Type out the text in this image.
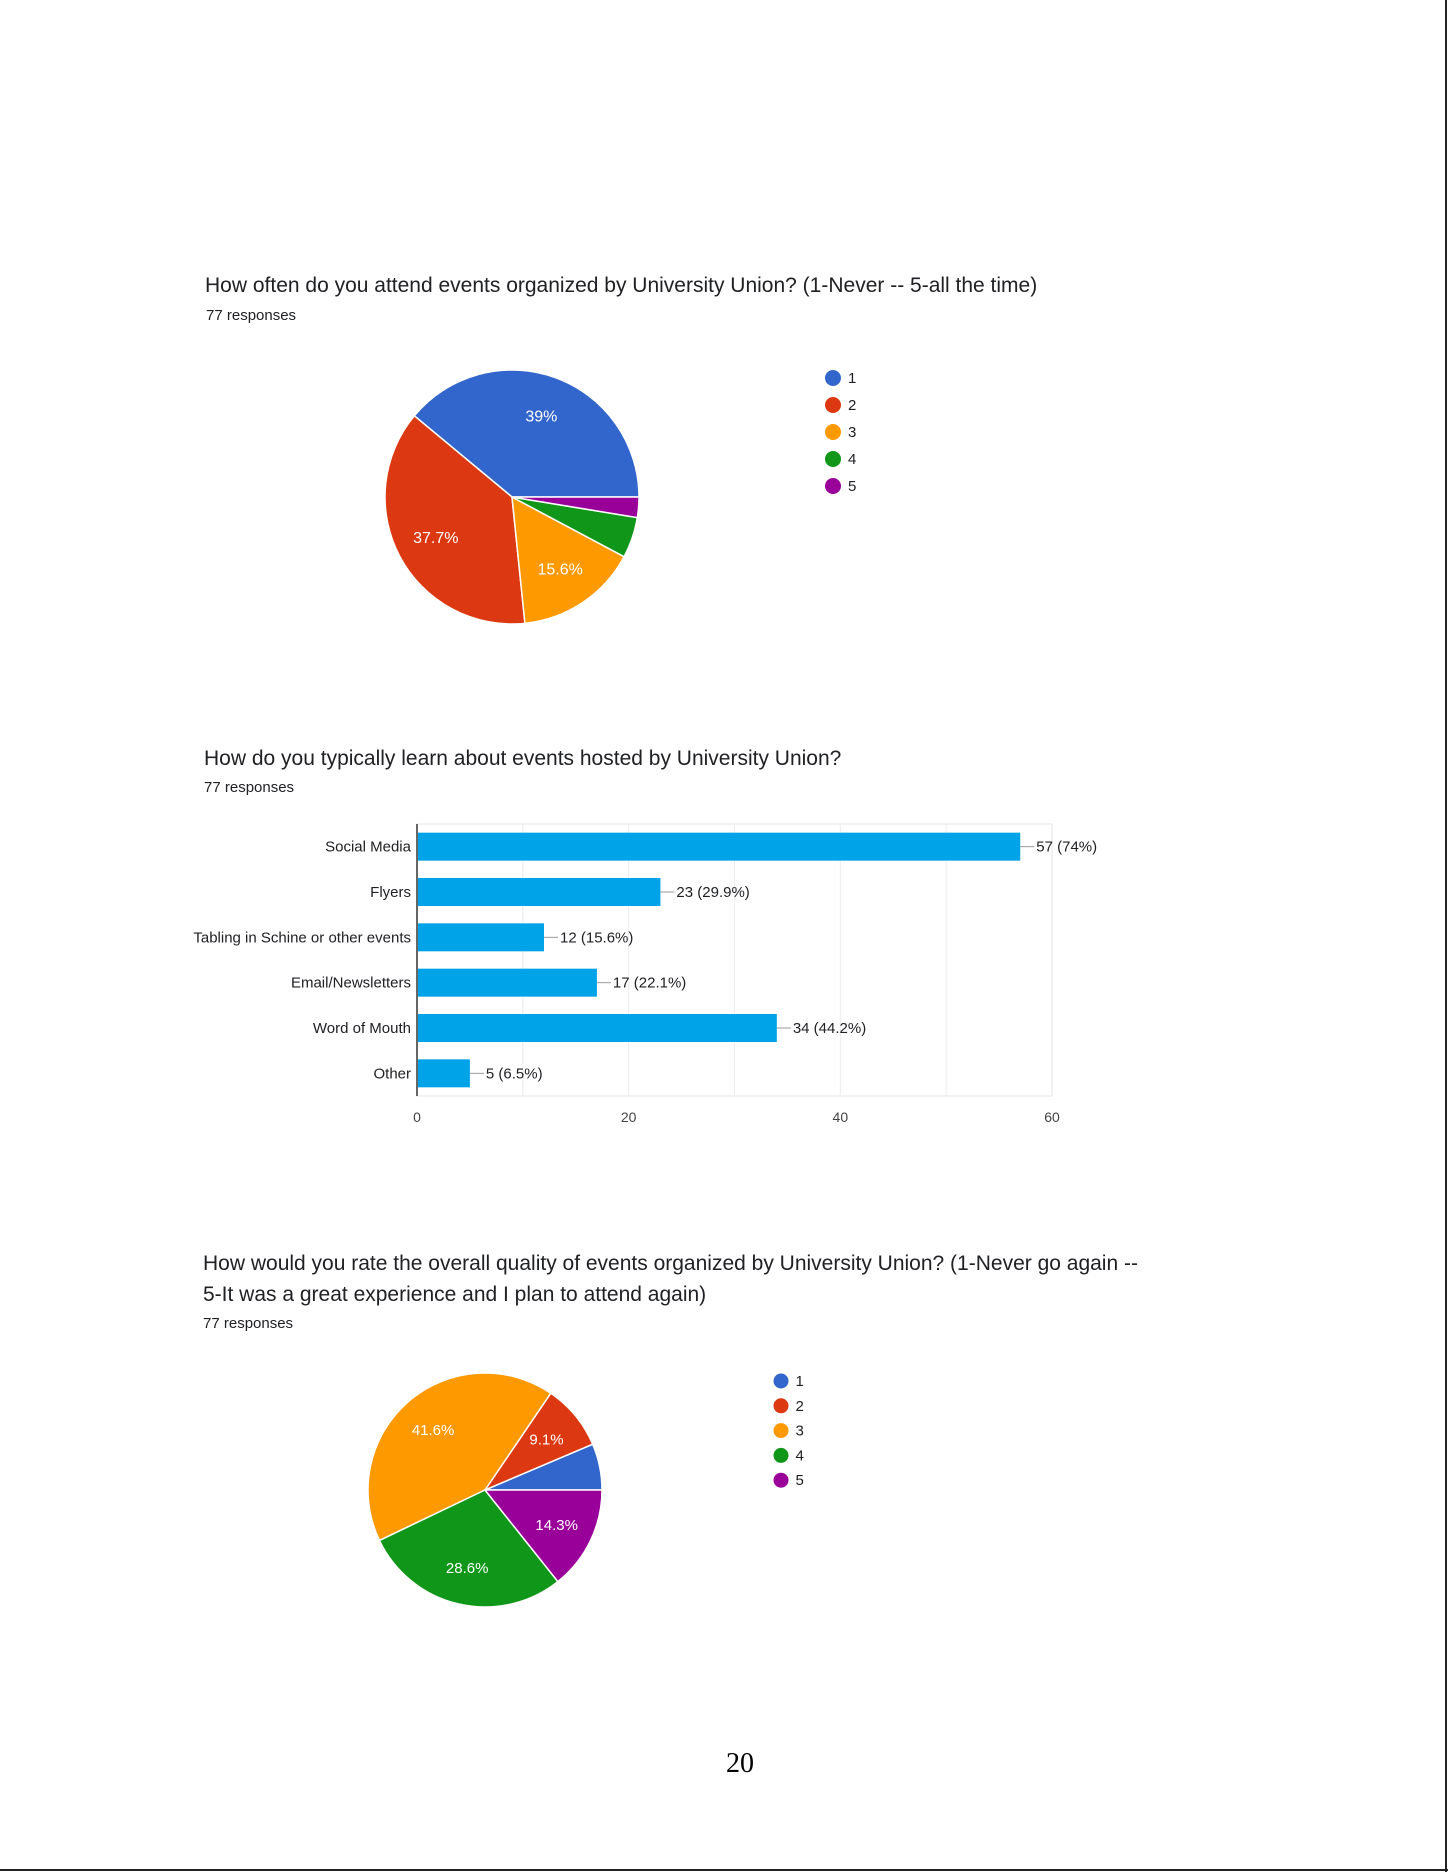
How often do you attend events organized by University Union? (1-Never -- 5-all the time)
77 responses
How do you typically learn about events hosted by University Union?
77 responses
How would you rate the overall quality of events organized by University Union? (1-Never go again --
5-It was a great experience and I plan to attend again)
77 responses
39%
37.7%
15.6%
1
2
3
4
5
Social Media	57 (74%)
Flyers	23 (29.9%)
Tabling in Schine or other events	12 (15.6%)
Email/Newsletters	17 (22.1%)
Word of Mouth	34 (44.2%)
Other	5 (6.5%)
0	20	40	60
9.1%
41.6%
28.6%
14.3%
1
2
3
4
5
20
